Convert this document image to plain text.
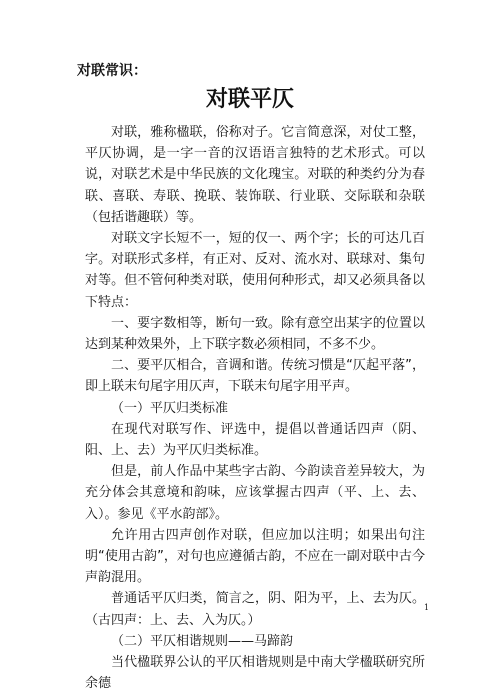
对联常识：
对联平仄

对联，雅称楹联，俗称对子。它言简意深，对仗工整，平仄协调，是一字一音的汉语语言独特的艺术形式。可以说，对联艺术是中华民族的文化瑰宝。对联的种类约分为春联、喜联、寿联、挽联、装饰联、行业联、交际联和杂联（包括谐趣联）等。

对联文字长短不一，短的仅一、两个字；长的可达几百字。对联形式多样，有正对、反对、流水对、联球对、集句对等。但不管何种类对联，使用何种形式，却又必须具备以下特点：

一、要字数相等，断句一致。除有意空出某字的位置以达到某种效果外，上下联字数必须相同，不多不少。

二、要平仄相合，音调和谐。传统习惯是“仄起平落”，即上联末句尾字用仄声，下联末句尾字用平声。

（一）平仄归类标准

在现代对联写作、评选中，提倡以普通话四声（阴、阳、上、去）为平仄归类标准。

但是，前人作品中某些字古韵、今韵读音差异较大，为充分体会其意境和韵味，应该掌握古四声（平、上、去、入）。参见《平水韵部》。

允许用古四声创作对联，但应加以注明；如果出句注明“使用古韵”，对句也应遵循古韵，不应在一副对联中古今声韵混用。

普通话平仄归类，简言之，阴、阳为平，上、去为仄。（古四声：上、去、入为仄。）

（二）平仄相谐规则——马蹄韵

当代楹联界公认的平仄相谐规则是中南大学楹联研究所余德

1
